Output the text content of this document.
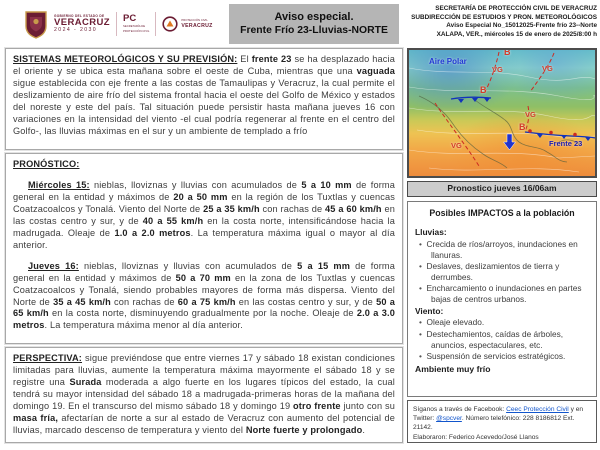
GOBIERNO DEL ESTADO DE
VERACRUZ
2024 - 2030
PC
SECRETARÍA DE
PROTECCIÓN CIVIL
PROTECCIÓN CIVIL
VERACRUZ
Aviso especial.
Frente Frío 23-Lluvias-NORTE
SECRETARÍA DE PROTECCIÓN CIVIL DE VERACRUZ
SUBDIRECCIÓN DE ESTUDIOS Y PRON. METEOROLÓGICOS
Aviso Especial No_15012025-Frente frío 23--Norte
XALAPA, VER., miércoles 15 de enero de 2025/8:00 h
SISTEMAS METEOROLÓGICOS Y SU PREVISIÓN: El frente 23 se ha desplazado hacia el oriente y se ubica esta mañana sobre el oeste de Cuba, mientras que una vaguada sigue establecida con eje frente a las costas de Tamaulipas y Veracruz, la cual permite el deslizamiento de aire frío del sistema frontal hacia el oeste del Golfo de México y estados del noreste y este del país. Tal situación puede persistir hasta mañana jueves 16 con variaciones en la intensidad del viento -el cual podría regenerar al frente en el centro del Golfo-, las lluvias máximas en el sur y un ambiente de templado a frío
PRONÓSTICO:
Miércoles 15: nieblas, lloviznas y lluvias con acumulados de 5 a 10 mm de forma general en la entidad y máximos de 20 a 50 mm en la región de los Tuxtlas y cuencas Coatzacoalcos y Tonalá. Viento del Norte de 25 a 35 km/h con rachas de 45 a 60 km/h en las costas centro y sur, y de 40 a 55 km/h en la costa norte, intensificándose hacia la madrugada. Oleaje de 1.0 a 2.0 metros. La temperatura máxima igual o mayor al día anterior.
Jueves 16: nieblas, lloviznas y lluvias con acumulados de 5 a 15 mm de forma general en la entidad y máximos de 50 a 70 mm en la zona de los Tuxtlas y cuencas Coatzacoalcos y Tonalá, siendo probables mayores de forma más dispersa. Viento del Norte de 35 a 45 km/h con rachas de 60 a 75 km/h en las costas centro y sur, y de 50 a 65 km/h en la costa norte, disminuyendo gradualmente por la noche. Oleaje de 2.0 a 3.0 metros. La temperatura máxima menor al día anterior.
PERSPECTIVA: sigue previéndose que entre viernes 17 y sábado 18 existan condiciones limitadas para lluvias, aumente la temperatura máxima mayormente el sábado 18 y se registre una Surada moderada a algo fuerte en los lugares típicos del estado, la cual tendrá su mayor intensidad del sábado 18 a madrugada-primeras horas de la mañana del domingo 19. En el transcurso del mismo sábado 18 y domingo 19 otro frente junto con su masa fría, afectarían de norte a sur al estado de Veracruz con aumento del potencial de lluvias, marcado descenso de temperatura y viento del Norte fuerte y prolongado.
Aire Polar
B
VG	VG
B
VG
B
VG	Frente 23
Pronostico jueves 16/06am
Posibles IMPACTOS a la población
Lluvias:
•  Crecida de ríos/arroyos, inundaciones en llanuras.
•  Deslaves, deslizamientos de tierra y derrumbes.
•  Encharcamiento o inundaciones en partes bajas de centros urbanos.
Viento:
•  Oleaje elevado.
•  Destechamientos, caídas de árboles, anuncios, espectaculares, etc.
•  Suspensión de servicios estratégicos.
Ambiente muy frío
Síganos a través de Facebook: Ceec Protección Civil y en Twitter: @spcver. Número telefónico: 228 8186812 Ext. 21142.
Elaboraron: Federico Acevedo/José Llanos
